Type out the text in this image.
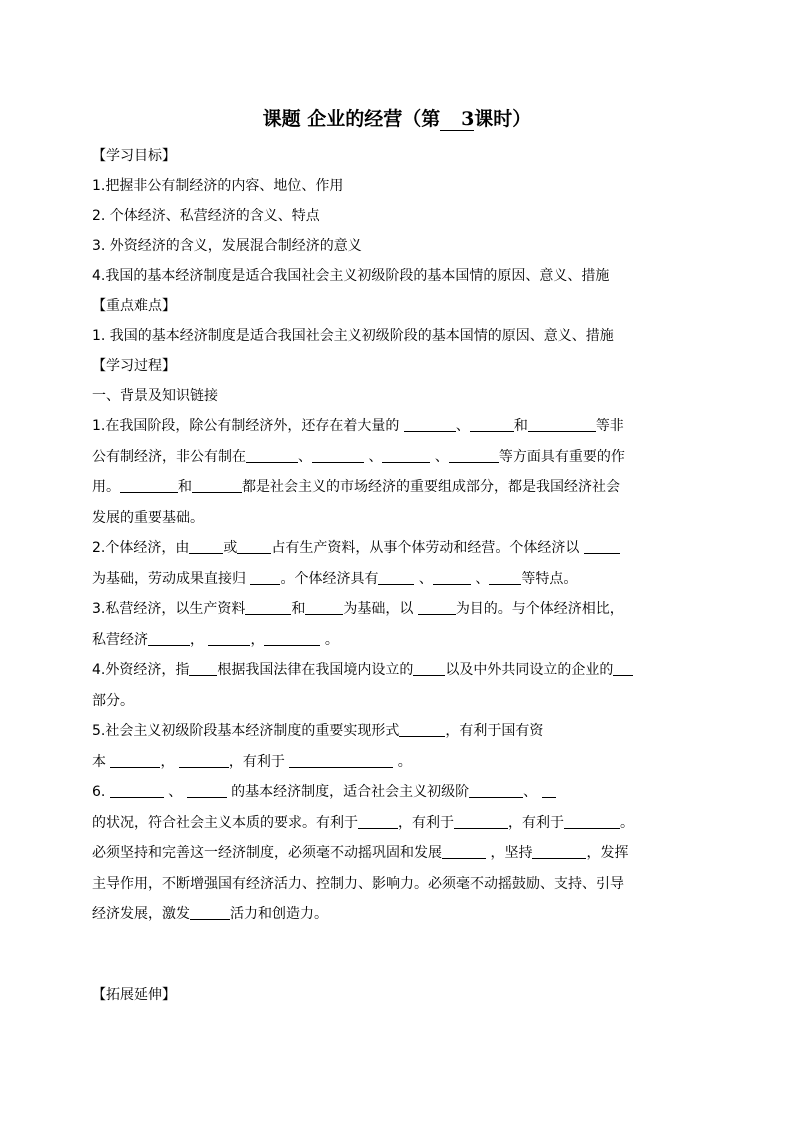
课题 企业的经营（第 3课时）
【学习目标】
1.把握非公有制经济的内容、地位、作用
2. 个体经济、私营经济的含义、特点
3. 外资经济的含义，发展混合制经济的意义
4.我国的基本经济制度是适合我国社会主义初级阶段的基本国情的原因、意义、措施
【重点难点】
1. 我国的基本经济制度是适合我国社会主义初级阶段的基本国情的原因、意义、措施
【学习过程】
一、背景及知识链接
1.在我国阶段，除公有制经济外，还存在着大量的	、	和	等非
公有制经济，非公有制在	、	、	、	等方面具有重要的作
用。	和	都是社会主义的市场经济的重要组成部分，都是我国经济社会
发展的重要基础。
2.个体经济，由 或 占有生产资料，从事个体劳动和经营。个体经济以
为基础，劳动成果直接归 。个体经济具有	、	、 等特点。
3.私营经济，以生产资料	和	为基础，以	为目的。与个体经济相比，
私营经济	，	，	。
4.外资经济，指 根据我国法律在我国境内设立的 以及中外共同设立的企业的
部分。
5.社会主义初级阶段基本经济制度的重要实现形式	，有利于国有资
本	，	，有利于	。
6.	、	的基本经济制度，适合社会主义初级阶	、
的状况，符合社会主义本质的要求。有利于	，有利于	，有利于	。
必须坚持和完善这一经济制度，必须毫不动摇巩固和发展	，坚持	，发挥
主导作用，不断增强国有经济活力、控制力、影响力。必须毫不动摇鼓励、支持、引导
经济发展，激发	活力和创造力。
【拓展延伸】
